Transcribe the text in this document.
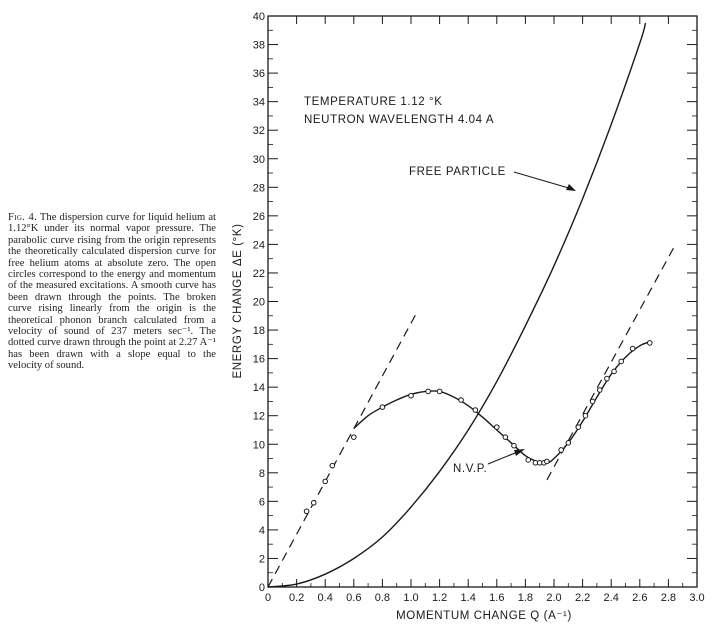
Fig. 4. The dispersion curve for liquid helium at 1.12°K under its normal vapor pressure. The parabolic curve rising from the origin represents the theoretically calculated dispersion curve for free helium atoms at absolute zero. The open circles correspond to the energy and momentum of the measured excitations. A smooth curve has been drawn through the points. The broken curve rising linearly from the origin is the theoretical phonon branch calculated from a velocity of sound of 237 meters sec⁻¹. The dotted curve drawn through the point at 2.27 A⁻¹ has been drawn with a slope equal to the velocity of sound.
0 0.2 0.4 0.6 0.8 1.0 1.2 1.4 1.6 1.8 2.0 2.2 2.4 2.6 2.8 3.0
0
2
4
6
8
10
12
14
16
18
20
22
24
26
28
30
32
34
36
38
40
MOMENTUM CHANGE Q (A⁻¹)
ENERGY CHANGE ΔE (°K)
TEMPERATURE 1.12 °K
NEUTRON WAVELENGTH 4.04 A
FREE PARTICLE
N.V.P.
